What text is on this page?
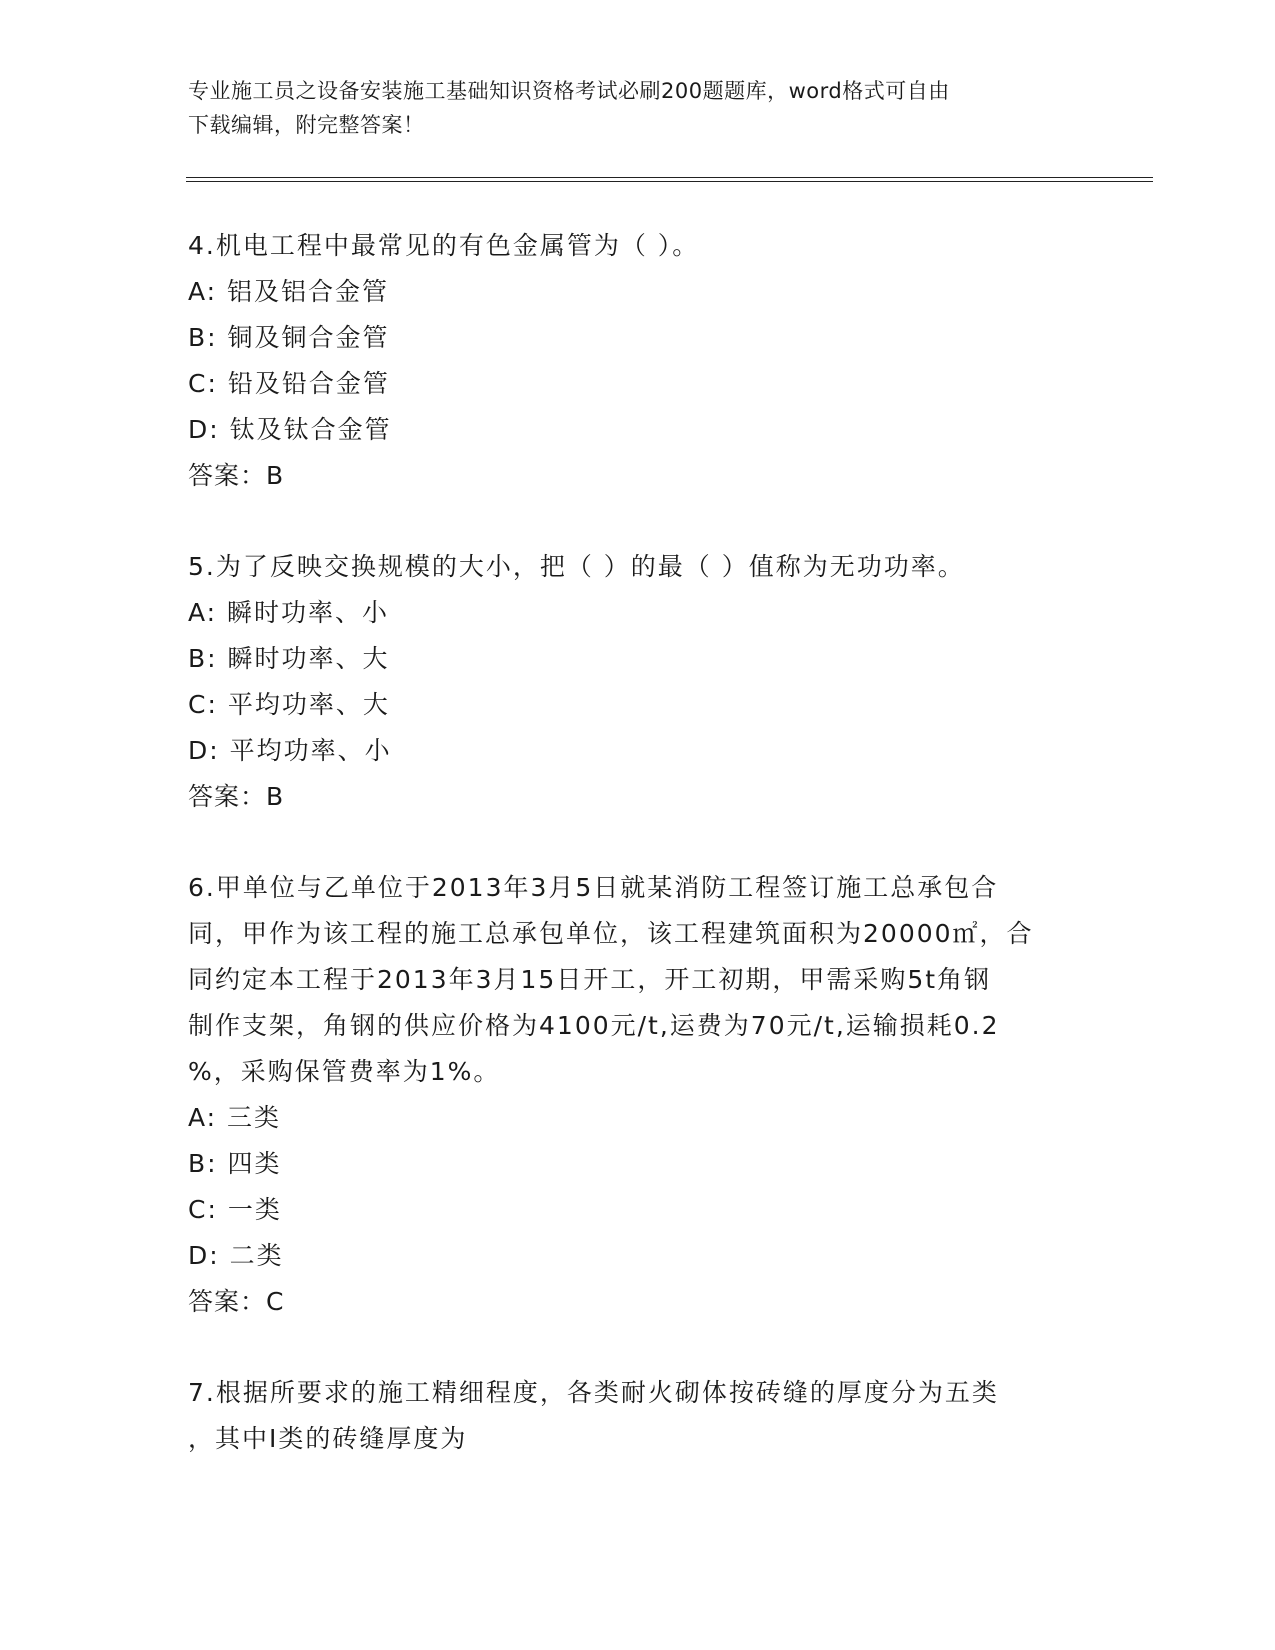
专业施工员之设备安装施工基础知识资格考试必刷200题题库，word格式可自由
下载编辑，附完整答案！
4.机电工程中最常见的有色金属管为（ ）。
A: 铝及铝合金管
B: 铜及铜合金管
C: 铅及铅合金管
D: 钛及钛合金管
答案：B
5.为了反映交换规模的大小，把（ ）的最（ ）值称为无功功率。
A: 瞬时功率、小
B: 瞬时功率、大
C: 平均功率、大
D: 平均功率、小
答案：B
6.甲单位与乙单位于2013年3月5日就某消防工程签订施工总承包合
同，甲作为该工程的施工总承包单位，该工程建筑面积为20000㎡，合
同约定本工程于2013年3月15日开工，开工初期，甲需采购5t角钢
制作支架，角钢的供应价格为4100元/t,运费为70元/t,运输损耗0.2
%，采购保管费率为1%。
A: 三类
B: 四类
C: 一类
D: 二类
答案：C
7.根据所要求的施工精细程度，各类耐火砌体按砖缝的厚度分为五类
，其中I类的砖缝厚度为
